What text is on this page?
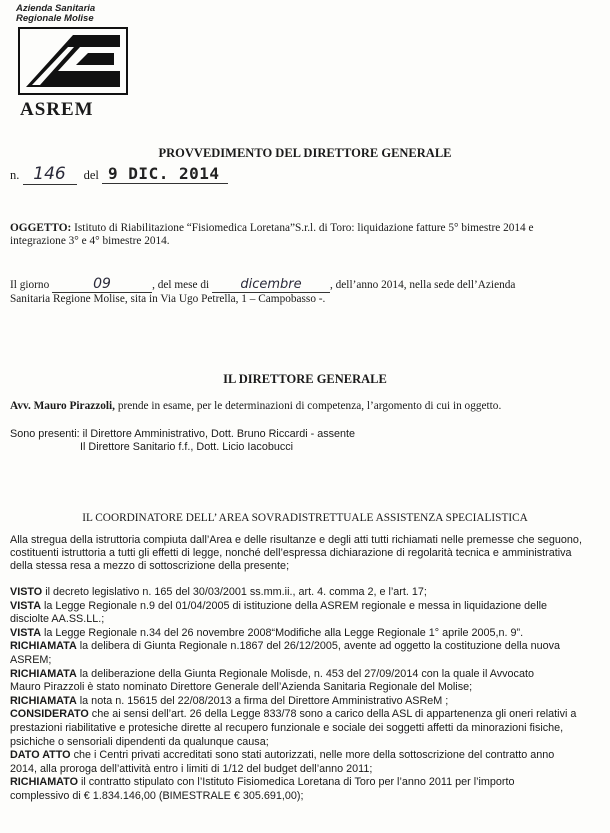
Azienda Sanitaria
Regionale Molise
ASREM
PROVVEDIMENTO DEL DIRETTORE GENERALE
n. 146 del 9 DIC. 2014
OGGETTO: Istituto di Riabilitazione “Fisiomedica Loretana”S.r.l. di Toro: liquidazione fatture 5° bimestre 2014 e
integrazione 3° e 4° bimestre 2014.
Il giorno	09	, del mese di dicembre	, dell’anno 2014, nella sede dell’Azienda
Sanitaria Regione Molise, sita in Via Ugo Petrella, 1 – Campobasso -.
IL DIRETTORE GENERALE
Avv. Mauro Pirazzoli, prende in esame, per le determinazioni di competenza, l’argomento di cui in oggetto.
Sono presenti: il Direttore Amministrativo, Dott. Bruno Riccardi - assente
Il Direttore Sanitario f.f., Dott. Licio Iacobucci
IL COORDINATORE DELL’ AREA SOVRADISTRETTUALE ASSISTENZA SPECIALISTICA
Alla stregua della istruttoria compiuta dall’Area e delle risultanze e degli atti tutti richiamati nelle premesse che seguono,
costituenti istruttoria a tutti gli effetti di legge, nonché dell’espressa dichiarazione di regolarità tecnica e amministrativa
della stessa resa a mezzo di sottoscrizione della presente;
VISTO il decreto legislativo n. 165 del 30/03/2001 ss.mm.ii., art. 4. comma 2, e l’art. 17;
VISTA la Legge Regionale n.9 del 01/04/2005 di istituzione della ASREM regionale e messa in liquidazione delle
disciolte AA.SS.LL.;
VISTA la Legge Regionale n.34 del 26 novembre 2008“Modifiche alla Legge Regionale 1° aprile 2005,n. 9”.
RICHIAMATA la delibera di Giunta Regionale n.1867 del 26/12/2005, avente ad oggetto la costituzione della nuova
ASREM;
RICHIAMATA la deliberazione della Giunta Regionale Molisde, n. 453 del 27/09/2014 con la quale il Avvocato
Mauro Pirazzoli è stato nominato Direttore Generale dell’Azienda Sanitaria Regionale del Molise;
RICHIAMATA la nota n. 15615 del 22/08/2013 a firma del Direttore Amministrativo ASReM ;
CONSIDERATO che ai sensi dell’art. 26 della Legge 833/78 sono a carico della ASL di appartenenza gli oneri relativi a
prestazioni riabilitative e protesiche dirette al recupero funzionale e sociale dei soggetti affetti da minorazioni fisiche,
psichiche o sensoriali dipendenti da qualunque causa;
DATO ATTO che i Centri privati accreditati sono stati autorizzati, nelle more della sottoscrizione del contratto anno
2014, alla proroga dell’attività entro i limiti di 1/12 del budget dell’anno 2011;
RICHIAMATO il contratto stipulato con l’Istituto Fisiomedica Loretana di Toro per l’anno 2011 per l’importo
complessivo di € 1.834.146,00 (BIMESTRALE € 305.691,00);
